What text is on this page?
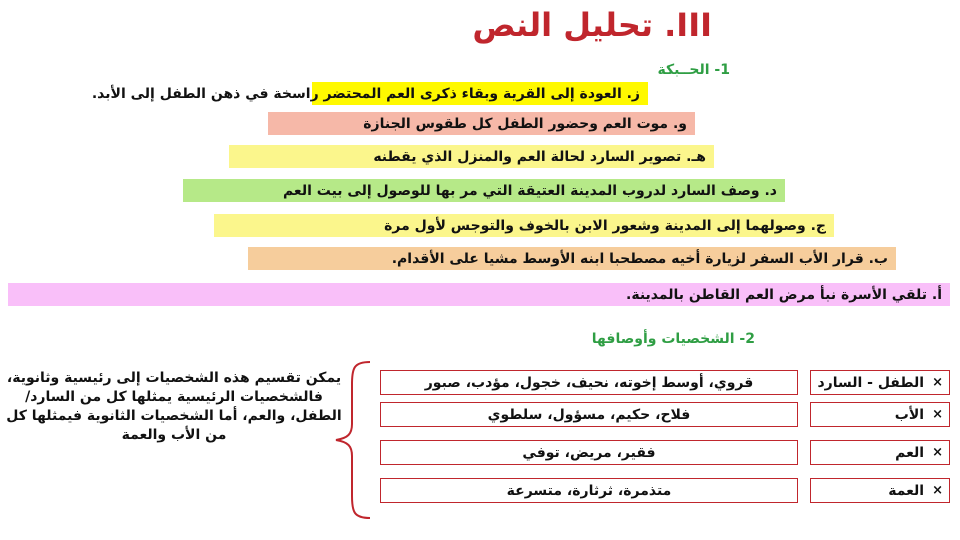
III. تحليل النص
1- الحــبكة
ز. العودة إلى القرية وبقاء ذكرى العم المحتضر راسخة في ذهن الطفل إلى الأبد.
و. موت العم وحضور الطفل كل طقوس الجنازة
هـ. تصوير السارد لحالة العم والمنزل الذي يقطنه
د. وصف السارد لدروب المدينة العتيقة التي مر بها للوصول إلى بيت العم
ج. وصولهما إلى المدينة وشعور الابن بالخوف والتوجس لأول مرة
ب. قرار الأب السفر لزيارة أخيه مصطحبا ابنه الأوسط مشيا على الأقدام.
أ. تلقي الأسرة نبأ مرض العم القاطن بالمدينة.
2- الشخصيات وأوصافها
×
الطفل - السارد
قروي، أوسط إخوته، نحيف، خجول، مؤدب، صبور
×
الأب
فلاح، حكيم، مسؤول، سلطوي
×
العم
فقير، مريض، توفي
×
العمة
متذمرة، ثرثارة، متسرعة
يمكن تقسيم هذه الشخصيات إلى رئيسية وثانوية، فالشخصيات الرئيسية يمثلها كل من السارد/ الطفل، والعم، أما الشخصيات الثانوية فيمثلها كل من الأب والعمة
